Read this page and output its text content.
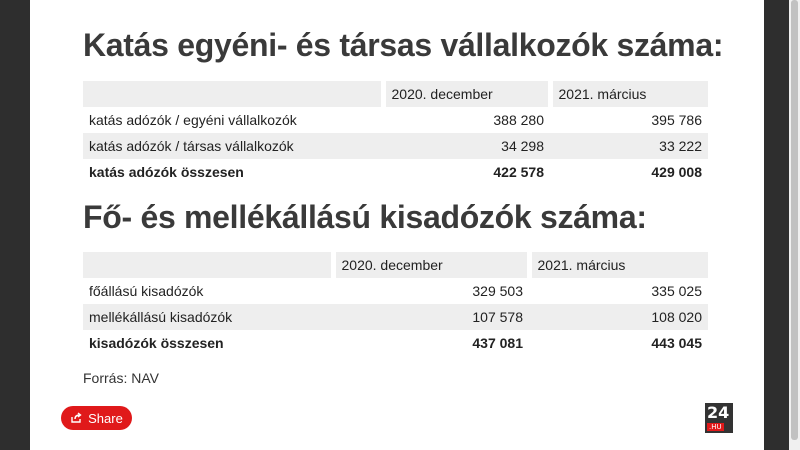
Katás egyéni- és társas vállalkozók száma:
	2020. december	2021. március
katás adózók / egyéni vállalkozók	388 280	395 786
katás adózók / társas vállalkozók	34 298	33 222
katás adózók összesen	422 578	429 008
Fő- és mellékállású kisadózók száma:
	2020. december	2021. március
főállású kisadózók	329 503	335 025
mellékállású kisadózók	107 578	108 020
kisadózók összesen	437 081	443 045
Forrás: NAV
Share	24
.HU
